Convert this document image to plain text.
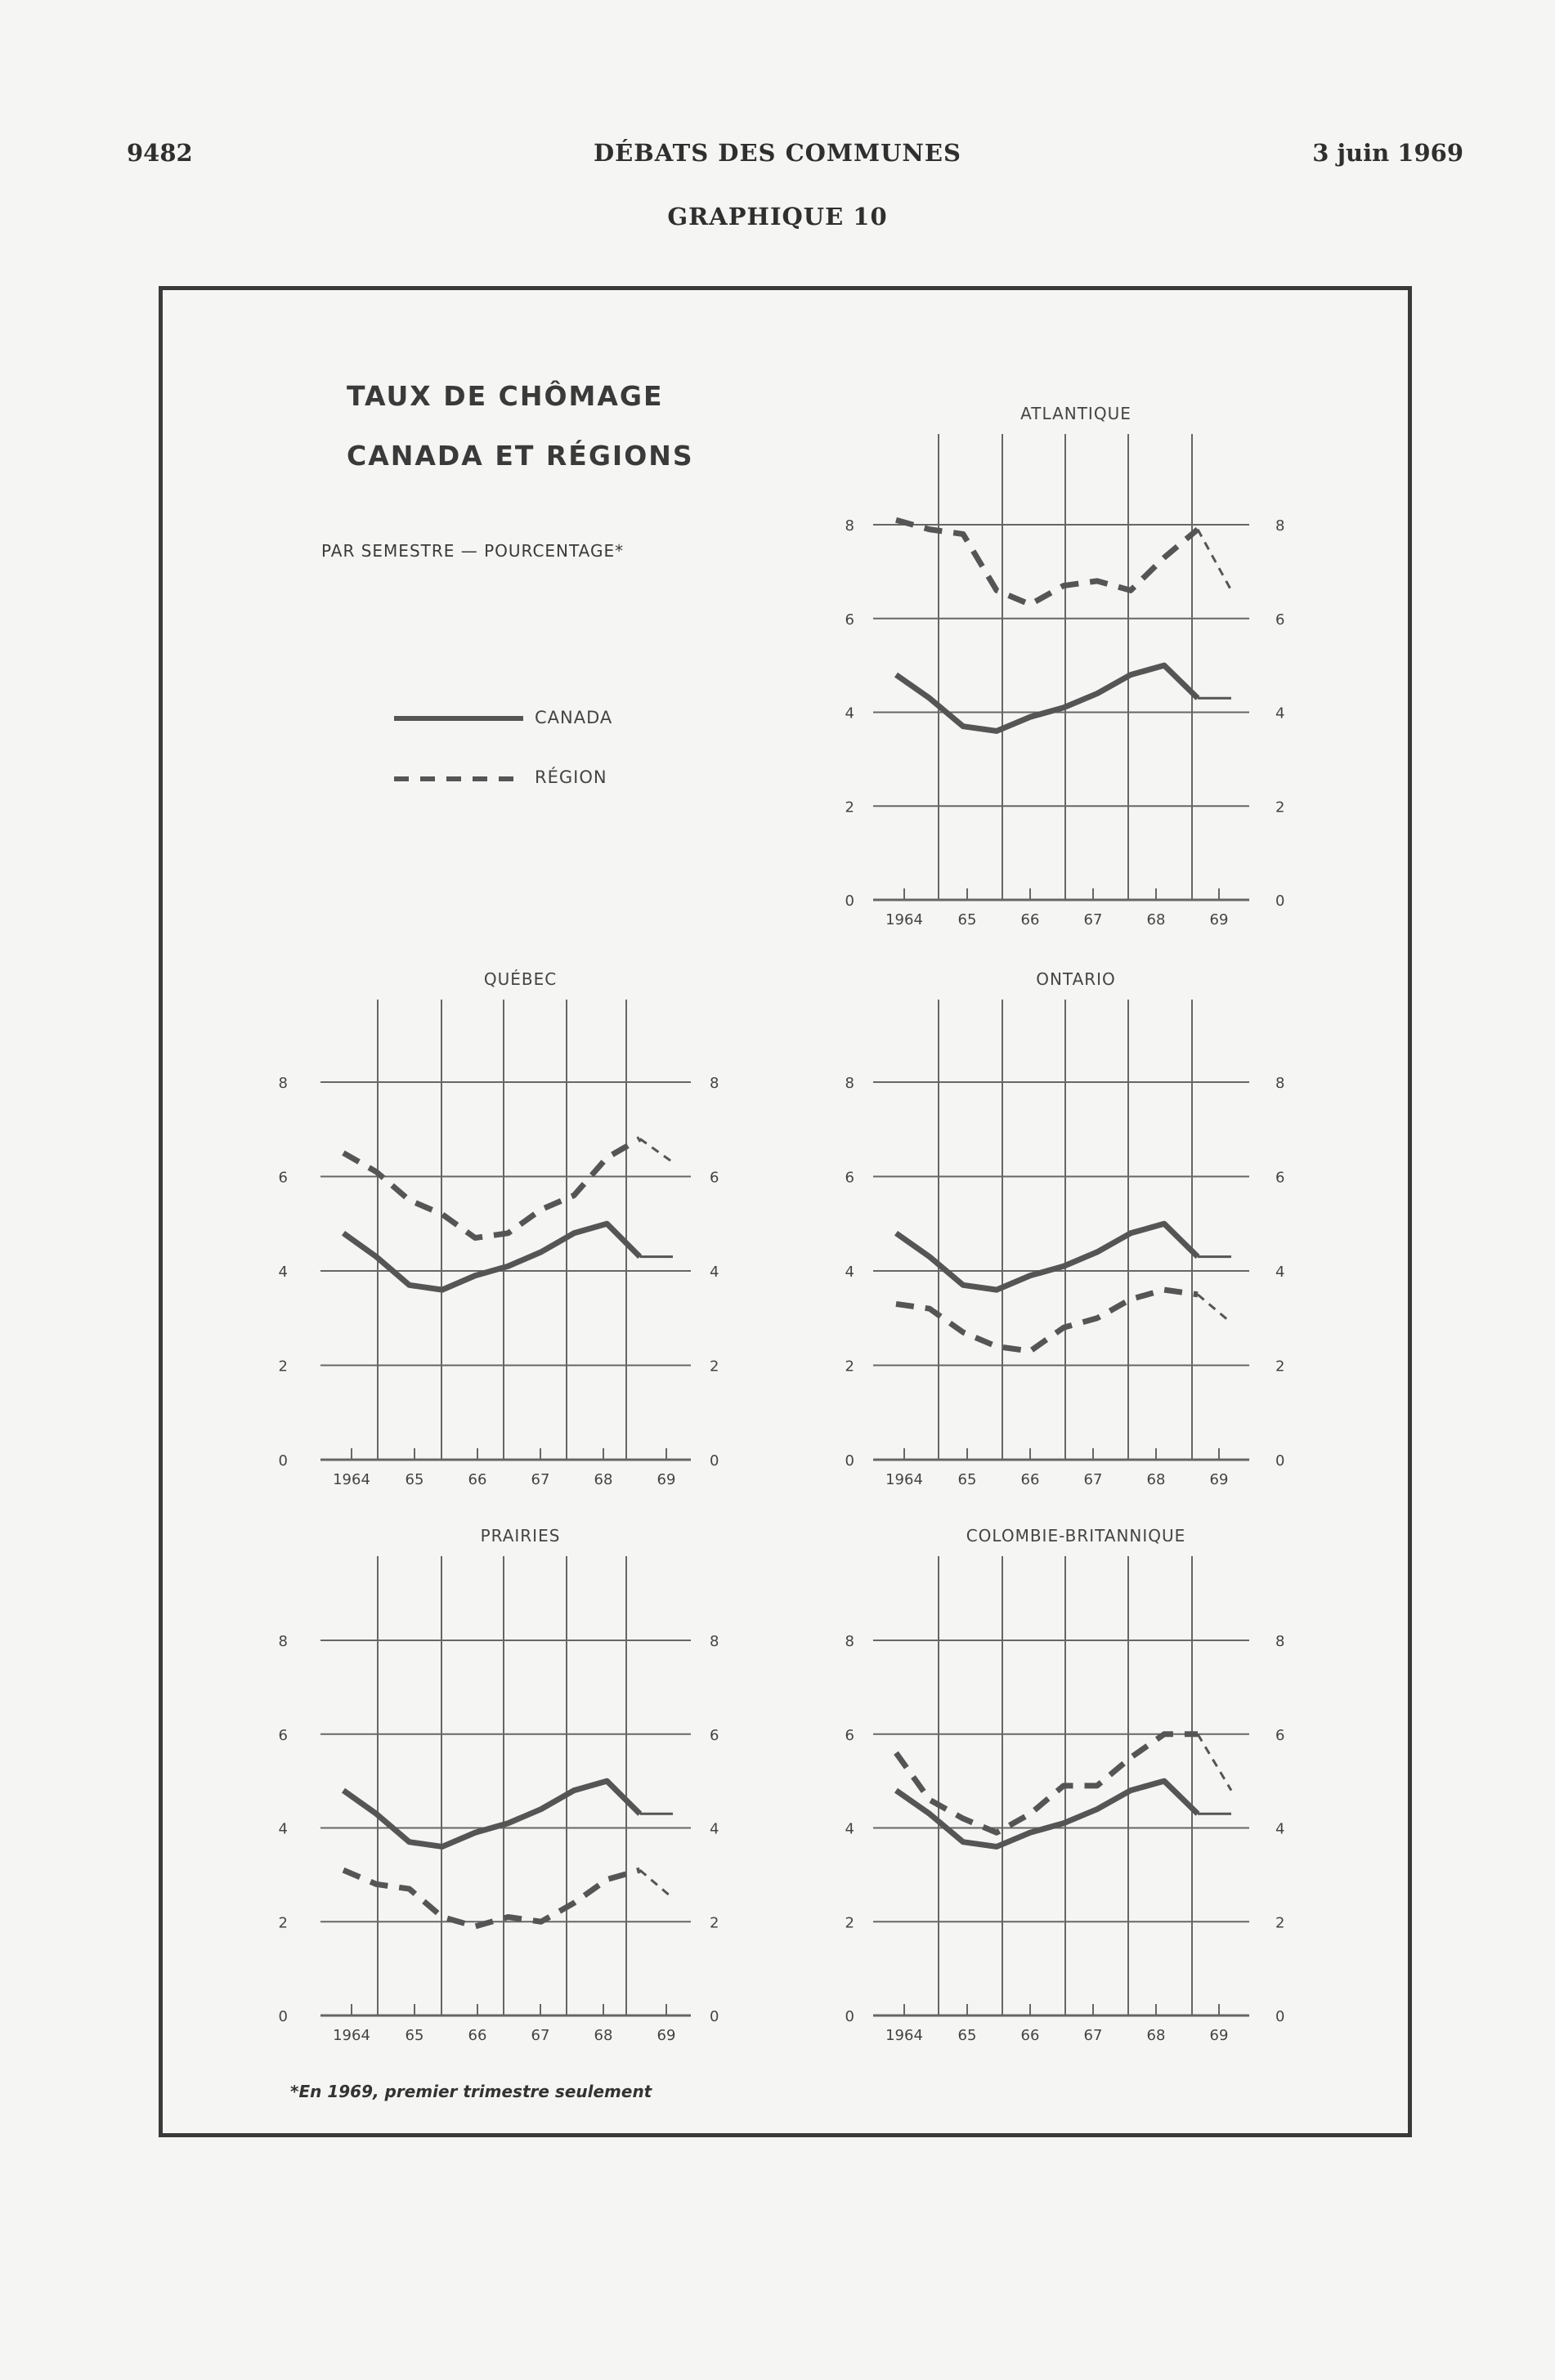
9482	DÉBATS DES COMMUNES	3 juin 1969
GRAPHIQUE 10
TAUX DE CHÔMAGE
CANADA ET RÉGIONS
PAR SEMESTRE — POURCENTAGE*
CANADA
RÉGION
ATLANTIQUE
0	0
2	2
4	4
6	6
8	8
1964 65	66	67	68	69
QUÉBEC
0	0
2	2
4	4
6	6
8	8
1964 65	66	67	68	69
ONTARIO
0	0
2	2
4	4
6	6
8	8
1964 65	66	67	68	69
PRAIRIES
0	0
2	2
4	4
6	6
8	8
1964 65	66	67	68	69
COLOMBIE-BRITANNIQUE
0	0
2	2
4	4
6	6
8	8
1964 65	66	67	68	69
*En 1969, premier trimestre seulement
